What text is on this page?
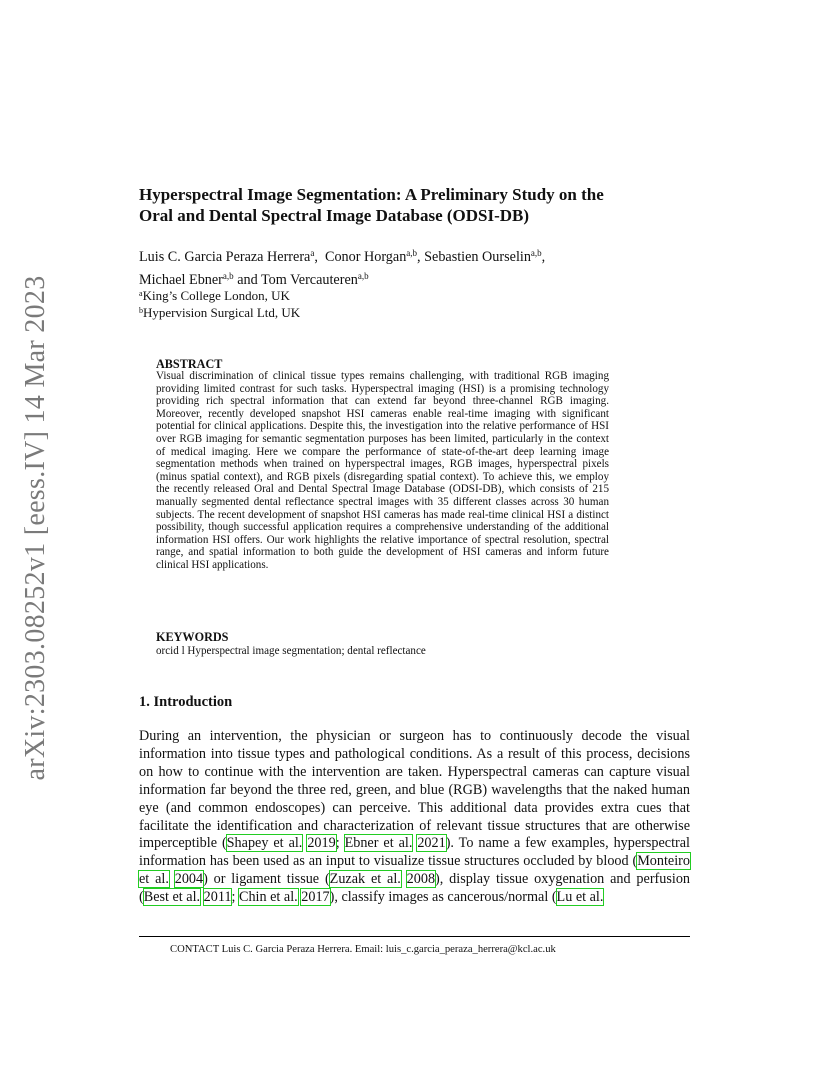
arXiv:2303.08252v1 [eess.IV] 14 Mar 2023
Hyperspectral Image Segmentation: A Preliminary Study on the
Oral and Dental Spectral Image Database (ODSI-DB)
Luis C. Garcia Peraza Herrera$^a$,  Conor Horgan$^{a,b}$, Sebastien Ourselin$^{a,b}$,
Michael Ebner$^{a,b}$ and Tom Vercauteren$^{a,b}$
$^a$King’s College London, UK
$^b$Hypervision Surgical Ltd, UK
ABSTRACT
Visual discrimination of clinical tissue types remains challenging, with traditional RGB imaging providing limited contrast for such tasks. Hyperspectral imaging (HSI) is a promising technology providing rich spectral information that can extend far beyond three-channel RGB imaging. Moreover, recently developed snapshot HSI cameras enable real-time imaging with significant potential for clinical applications. Despite this, the investigation into the relative performance of HSI over RGB imaging for semantic segmentation purposes has been limited, particularly in the context of medical imaging. Here we compare the performance of state-of-the-art deep learning image segmentation methods when trained on hyperspectral images, RGB images, hyperspectral pixels (minus spatial context), and RGB pixels (disregarding spatial context). To achieve this, we employ the recently released Oral and Dental Spectral Image Database (ODSI-DB), which consists of 215 manually segmented dental reflectance spectral images with 35 different classes across 30 human subjects. The recent development of snapshot HSI cameras has made real-time clinical HSI a distinct possibility, though successful application requires a comprehensive understanding of the additional information HSI offers. Our work highlights the relative importance of spectral resolution, spectral range, and spatial information to both guide the development of HSI cameras and inform future clinical HSI applications.
KEYWORDS
orcid l Hyperspectral image segmentation; dental reflectance
1. Introduction
During an intervention, the physician or surgeon has to continuously decode the visual information into tissue types and pathological conditions. As a result of this process, decisions on how to continue with the intervention are taken. Hyperspectral cameras can capture visual information far beyond the three red, green, and blue (RGB) wavelengths that the naked human eye (and common endoscopes) can perceive. This additional data provides extra cues that facilitate the identification and characterization of relevant tissue structures that are otherwise imperceptible (Shapey et al. 2019; Ebner et al. 2021). To name a few examples, hyperspectral information has been used as an input to visualize tissue structures occluded by blood (Monteiro et al. 2004) or ligament tissue (Zuzak et al. 2008), display tissue oxygenation and perfusion (Best et al. 2011; Chin et al. 2017), classify images as cancerous/normal (Lu et al.
CONTACT Luis C. Garcia Peraza Herrera. Email: luis_c.garcia_peraza_herrera@kcl.ac.uk
